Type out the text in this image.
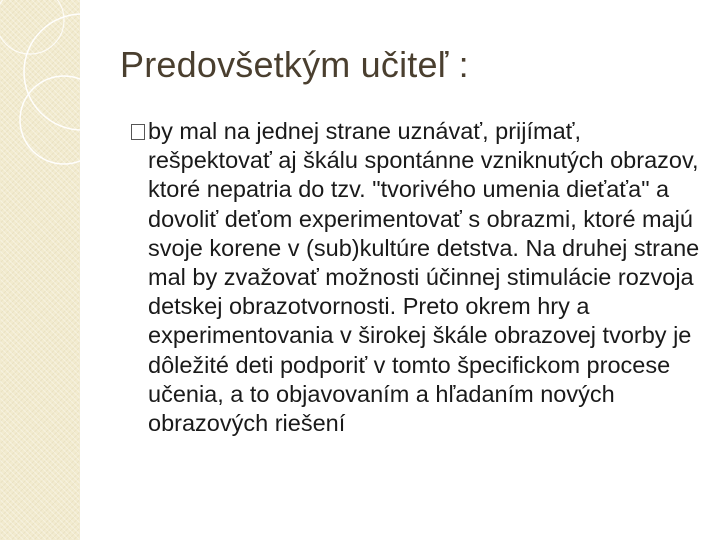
Predovšetkým učiteľ :
by mal na jednej strane uznávať, prijímať, rešpektovať aj škálu spontánne vzniknutých obrazov, ktoré nepatria do tzv. "tvorivého umenia dieťaťa" a dovoliť deťom experimentovať s obrazmi, ktoré majú svoje korene v (sub)kultúre detstva. Na druhej strane mal by zvažovať možnosti účinnej stimulácie rozvoja detskej obrazotvornosti. Preto okrem hry a experimentovania v širokej škále obrazovej tvorby je dôležité deti podporiť v tomto špecifickom procese učenia, a to objavovaním a hľadaním nových obrazových riešení
